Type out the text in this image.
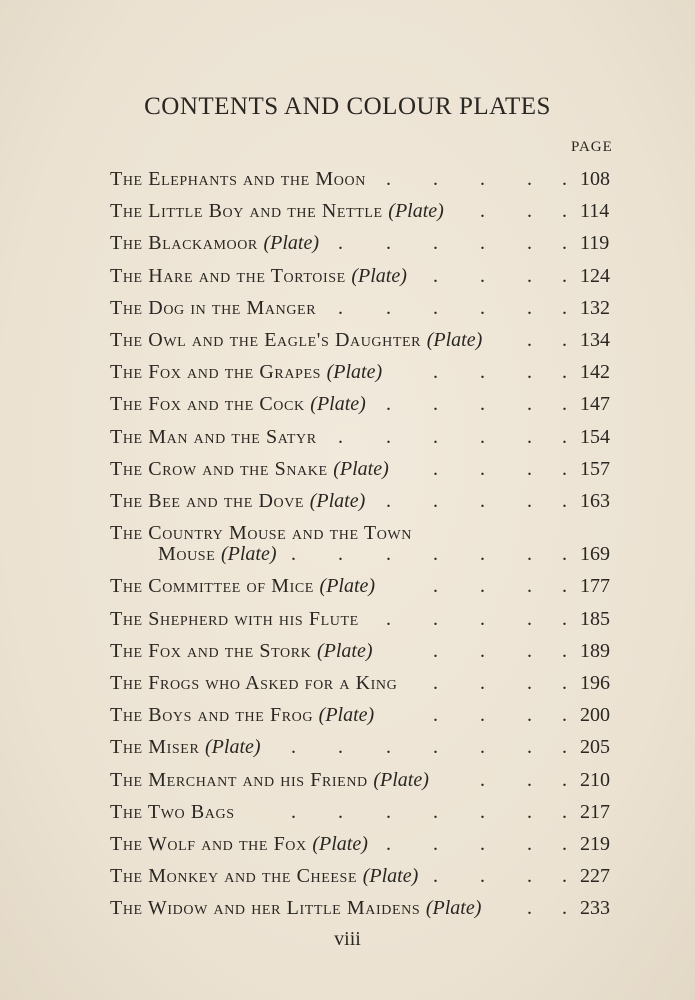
CONTENTS AND COLOUR PLATES
PAGE
The Elephants and the Moon . . . . . 108
The Little Boy and the Nettle (Plate) . . . 114
The Blackamoor (Plate) . . . . . . 119
The Hare and the Tortoise (Plate) . . . . 124
The Dog in the Manger . . . . . . 132
The Owl and the Eagle's Daughter (Plate) . . 134
The Fox and the Grapes (Plate)	. . . . 142
The Fox and the Cock (Plate) . . . . . 147
The Man and the Satyr . . . . . . 154
The Crow and the Snake (Plate) . . . . 157
The Bee and the Dove (Plate) . . . . . 163
The Country Mouse and the Town
Mouse (Plate) . . . . . . . 169
The Committee of Mice (Plate)	. . . . 177
The Shepherd with his Flute . . . . . 185
The Fox and the Stork (Plate)	. . . . 189
The Frogs who Asked for a King . . . . 196
The Boys and the Frog (Plate)	. . . . 200
The Miser (Plate) . . . . . . . 205
The Merchant and his Friend (Plate)	. . . 210
The Two Bags	. . . . . . . 217
The Wolf and the Fox (Plate) . . . . . 219
The Monkey and the Cheese (Plate) . . . . 227
The Widow and her Little Maidens (Plate) . . 233
viii
